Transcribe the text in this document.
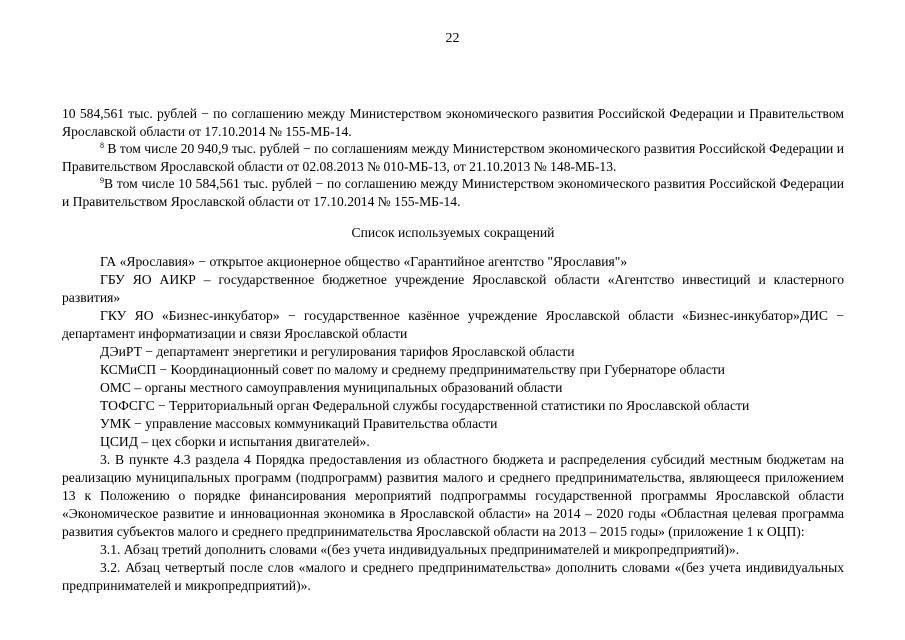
22

10 584,561 тыс. рублей − по соглашению между Министерством экономического развития Российской Федерации и Правительством Ярославской области от 17.10.2014 № 155-МБ-14.

$^8$ В том числе 20 940,9 тыс. рублей − по соглашениям между Министерством экономического развития Российской Федерации и Правительством Ярославской области от 02.08.2013 № 010-МБ-13, от 21.10.2013 № 148-МБ-13.

$^9$В том числе 10 584,561 тыс. рублей − по соглашению между Министерством экономического развития Российской Федерации и Правительством Ярославской области от 17.10.2014 № 155-МБ-14.

Список используемых сокращений

ГА «Ярославия» − открытое акционерное общество «Гарантийное агентство "Ярославия"»

ГБУ ЯО АИКР – государственное бюджетное учреждение Ярославской области «Агентство инвестиций и кластерного развития»

ГКУ ЯО «Бизнес-инкубатор» − государственное казённое учреждение Ярославской области «Бизнес-инкубатор»ДИС − департамент информатизации и связи Ярославской области

ДЭиРТ − департамент энергетики и регулирования тарифов Ярославской области

КСМиСП − Координационный совет по малому и среднему предпринимательству при Губернаторе области

ОМС – органы местного самоуправления муниципальных образований области

ТОФСГС − Территориальный орган Федеральной службы государственной статистики по Ярославской области

УМК − управление массовых коммуникаций Правительства области

ЦСИД – цех сборки и испытания двигателей».

3. В пункте 4.3 раздела 4 Порядка предоставления из областного бюджета и распределения субсидий местным бюджетам на реализацию муниципальных программ (подпрограмм) развития малого и среднего предпринимательства, являющееся приложением 13 к Положению о порядке финансирования мероприятий подпрограммы государственной программы Ярославской области «Экономическое развитие и инновационная экономика в Ярославской области» на 2014 – 2020 годы «Областная целевая программа развития субъектов малого и среднего предпринимательства Ярославской области на 2013 – 2015 годы» (приложение 1 к ОЦП):

3.1. Абзац третий дополнить словами «(без учета индивидуальных предпринимателей и микропредприятий)».

3.2. Абзац четвертый после слов «малого и среднего предпринимательства» дополнить словами «(без учета индивидуальных предпринимателей и микропредприятий)».
